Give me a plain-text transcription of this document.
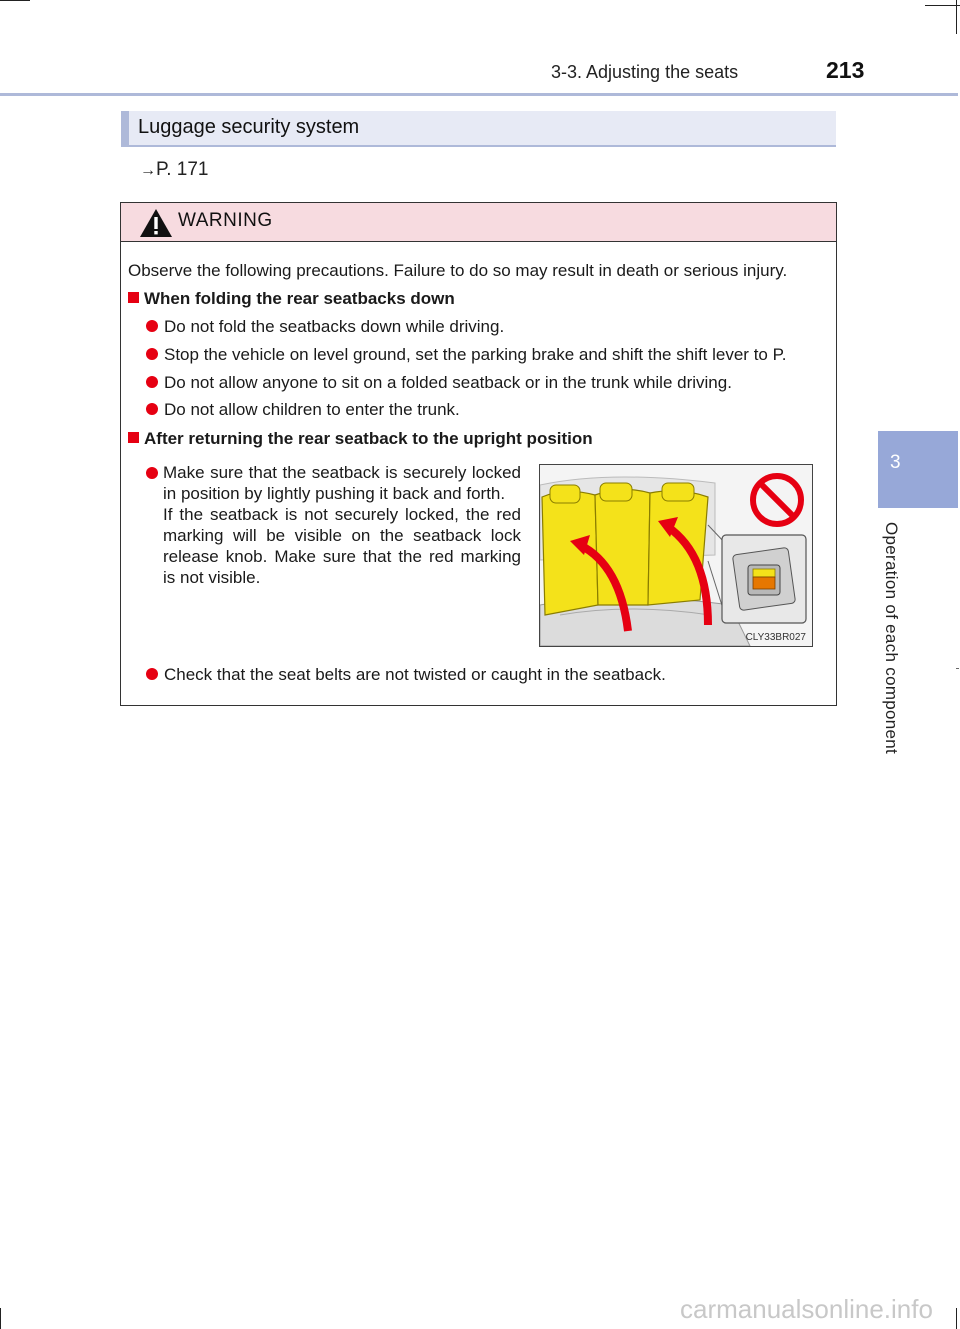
3-3. Adjusting the seats	213
3
Operation of each component
Luggage security system
→P. 171
WARNING
Observe the following precautions. Failure to do so may result in death or serious injury.
When folding the rear seatbacks down
Do not fold the seatbacks down while driving.
Stop the vehicle on level ground, set the parking brake and shift the shift lever to P.
Do not allow anyone to sit on a folded seatback or in the trunk while driving.
Do not allow children to enter the trunk.
After returning the rear seatback to the upright position
Make sure that the seatback is securely locked in position by lightly pushing it back and forth.
If the seatback is not securely locked, the red marking will be visible on the seatback lock release knob. Make sure that the red marking is not visible.
CLY33BR027
Check that the seat belts are not twisted or caught in the seatback.
carmanualsonline.info
